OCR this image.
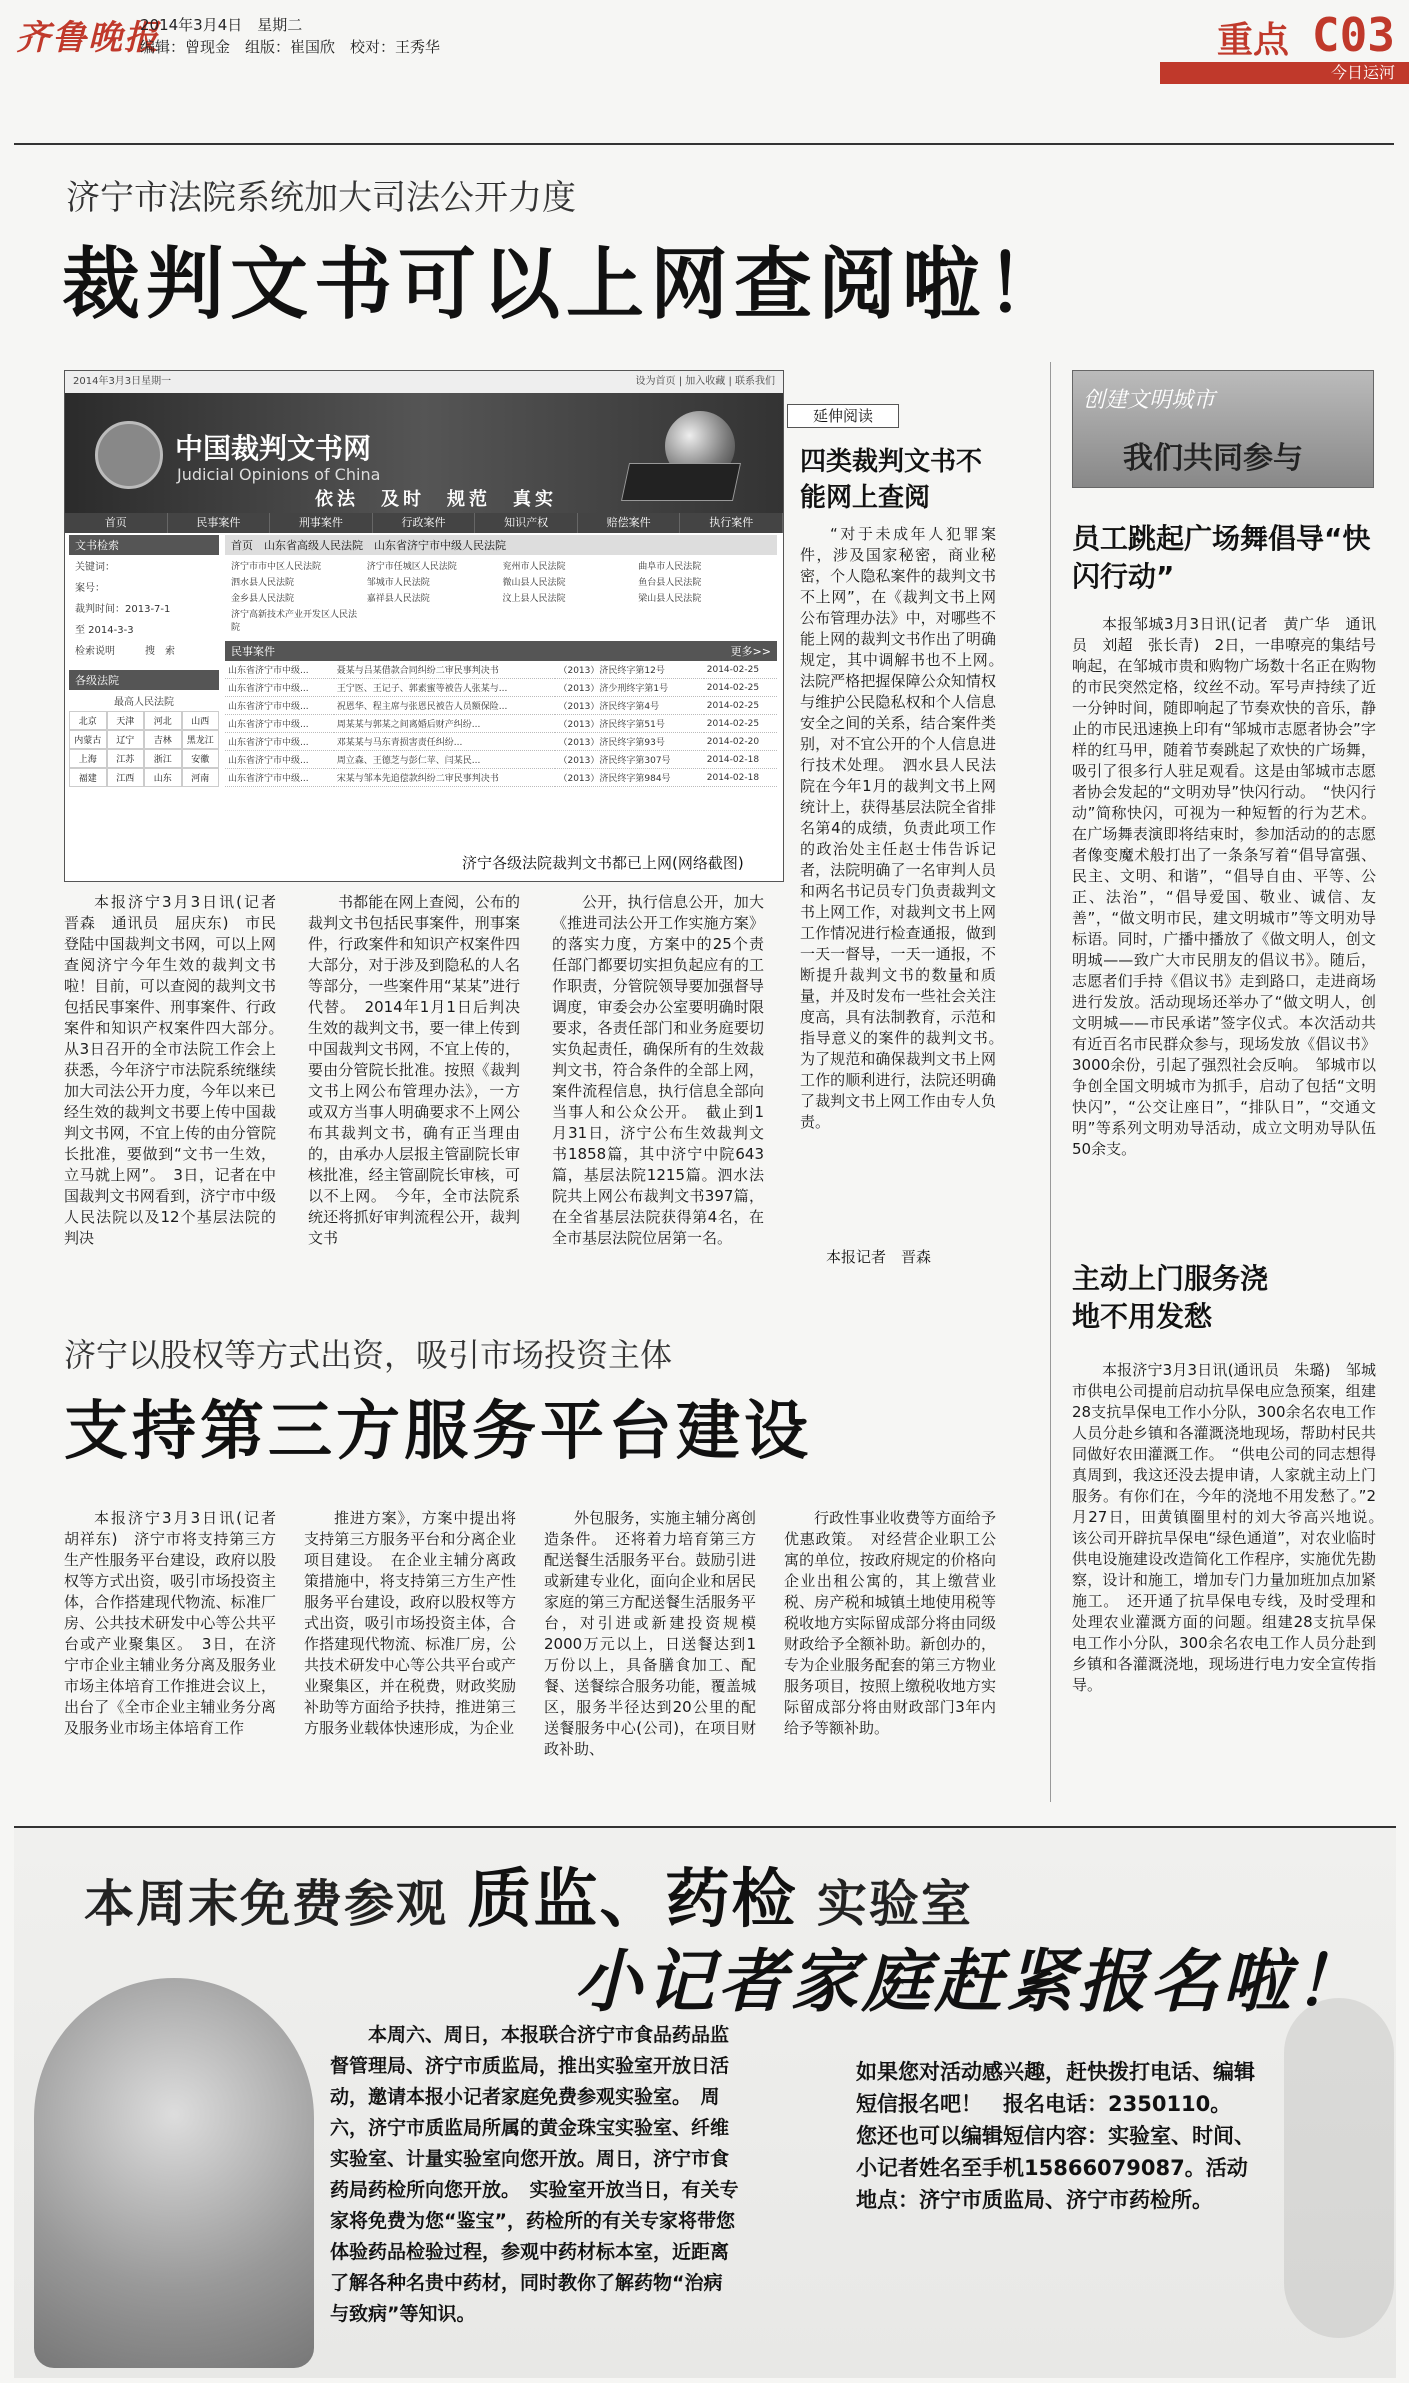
齐鲁晚报
2014年3月4日　星期二
编辑：曾现金　组版：崔国欣　校对：王秀华	重点 C03
今日运河
济宁市法院系统加大司法公开力度
裁判文书可以上网查阅啦！
2014年3月3日星期一	设为首页 | 加入收藏 | 联系我们
中国裁判文书网
Judicial Opinions of China
依法　及时　规范　真实
首页	民事案件	刑事案件	行政案件	知识产权	赔偿案件	执行案件
文书检索
关键词：
案号：
裁判时间：2013-7-1
至 2014-3-3
检索说明　　　搜　索
各级法院
最高人民法院
北京	天津	河北	山西
内蒙古	辽宁	吉林	黑龙江
上海	江苏	浙江	安徽
福建	江西	山东	河南
首页　山东省高级人民法院　山东省济宁市中级人民法院
济宁市市中区人民法院	济宁市任城区人民法院	兖州市人民法院	曲阜市人民法院
泗水县人民法院	邹城市人民法院	微山县人民法院	鱼台县人民法院
金乡县人民法院	嘉祥县人民法院	汶上县人民法院	梁山县人民法院
济宁高新技术产业开发区人民法院
民事案件	更多>>
山东省济宁市中级...	聂某与吕某借款合同纠纷二审民事判决书	（2013）济民终字第12号	2014-02-25
山东省济宁市中级...	王宁医、王记子、郭素蜜等被告人张某与...	（2013）济少刑终字第1号	2014-02-25
山东省济宁市中级...	祝恩华、程主席与张恩民被告人员额保险...	（2013）济民终字第4号	2014-02-25
山东省济宁市中级...	周某某与郭某之间离婚后财产纠纷...	（2013）济民终字第51号	2014-02-25
山东省济宁市中级...	邓某某与马东青损害责任纠纷...	（2013）济民终字第93号	2014-02-20
山东省济宁市中级...	周立森、王德芝与彭仁苹、闫某民...	（2013）济民终字第307号	2014-02-18
山东省济宁市中级...	宋某与邹本先追偿款纠纷二审民事判决书	（2013）济民终字第984号	2014-02-18
济宁各级法院裁判文书都已上网(网络截图)

本报济宁3月3日讯(记者　晋森　通讯员　屈庆东)　市民登陆中国裁判文书网，可以上网查阅济宁今年生效的裁判文书啦！目前，可以查阅的裁判文书包括民事案件、刑事案件、行政案件和知识产权案件四大部分。　从3日召开的全市法院工作会上获悉，今年济宁市法院系统继续加大司法公开力度，今年以来已经生效的裁判文书要上传中国裁判文书网，不宜上传的由分管院长批准，要做到“文书一生效，立马就上网”。　3日，记者在中国裁判文书网看到，济宁市中级人民法院以及12个基层法院的判决

书都能在网上查阅，公布的裁判文书包括民事案件，刑事案件，行政案件和知识产权案件四大部分，对于涉及到隐私的人名等部分，一些案件用“某某”进行代替。　2014年1月1日后判决生效的裁判文书，要一律上传到中国裁判文书网，不宜上传的，要由分管院长批准。按照《裁判文书上网公布管理办法》，一方或双方当事人明确要求不上网公布其裁判文书，确有正当理由的，由承办人层报主管副院长审核批准，经主管副院长审核，可以不上网。　今年，全市法院系统还将抓好审判流程公开，裁判文书

公开，执行信息公开，加大《推进司法公开工作实施方案》的落实力度，方案中的25个责任部门都要切实担负起应有的工作职责，分管院领导要加强督导调度，审委会办公室要明确时限要求，各责任部门和业务庭要切实负起责任，确保所有的生效裁判文书，符合条件的全部上网，案件流程信息，执行信息全部向当事人和公众公开。　截止到1月31日，济宁公布生效裁判文书1858篇，其中济宁中院643篇，基层法院1215篇。泗水法院共上网公布裁判文书397篇，在全省基层法院获得第4名，在全市基层法院位居第一名。

延伸阅读
四类裁判文书不能网上查阅

“对于未成年人犯罪案件，涉及国家秘密，商业秘密，个人隐私案件的裁判文书不上网”，在《裁判文书上网公布管理办法》中，对哪些不能上网的裁判文书作出了明确规定，其中调解书也不上网。　法院严格把握保障公众知情权与维护公民隐私权和个人信息安全之间的关系，结合案件类别，对不宜公开的个人信息进行技术处理。　泗水县人民法院在今年1月的裁判文书上网统计上，获得基层法院全省排名第4的成绩，负责此项工作的政治处主任赵士伟告诉记者，法院明确了一名审判人员和两名书记员专门负责裁判文书上网工作，对裁判文书上网工作情况进行检查通报，做到一天一督导，一天一通报，不断提升裁判文书的数量和质量，并及时发布一些社会关注度高，具有法制教育，示范和指导意义的案件的裁判文书。　为了规范和确保裁判文书上网工作的顺利进行，法院还明确了裁判文书上网工作由专人负责。

本报记者　晋森
创建文明城市
我们共同参与
员工跳起广场舞倡导“快闪行动”

本报邹城3月3日讯(记者　黄广华　通讯员　刘超　张长青)　2日，一串嘹亮的集结号响起，在邹城市贵和购物广场数十名正在购物的市民突然定格，纹丝不动。军号声持续了近一分钟时间，随即响起了节奏欢快的音乐，静止的市民迅速换上印有“邹城市志愿者协会”字样的红马甲，随着节奏跳起了欢快的广场舞，吸引了很多行人驻足观看。这是由邹城市志愿者协会发起的“文明劝导”快闪行动。　“快闪行动”简称快闪，可视为一种短暂的行为艺术。在广场舞表演即将结束时，参加活动的的志愿者像变魔术般打出了一条条写着“倡导富强、民主、文明、和谐”，“倡导自由、平等、公正、法治”，“倡导爱国、敬业、诚信、友善”，“做文明市民，建文明城市”等文明劝导标语。同时，广播中播放了《做文明人，创文明城——致广大市民朋友的倡议书》。随后，志愿者们手持《倡议书》走到路口，走进商场进行发放。活动现场还举办了“做文明人，创文明城——市民承诺”签字仪式。本次活动共有近百名市民群众参与，现场发放《倡议书》3000余份，引起了强烈社会反响。　邹城市以争创全国文明城市为抓手，启动了包括“文明快闪”，“公交让座日”，“排队日”，“交通文明”等系列文明劝导活动，成立文明劝导队伍50余支。

主动上门服务浇地不用发愁

本报济宁3月3日讯(通讯员　朱璐)　邹城市供电公司提前启动抗旱保电应急预案，组建28支抗旱保电工作小分队，300余名农电工作人员分赴乡镇和各灌溉浇地现场，帮助村民共同做好农田灌溉工作。　“供电公司的同志想得真周到，我这还没去提申请，人家就主动上门服务。有你们在，今年的浇地不用发愁了。”2月27日，田黄镇圈里村的刘大爷高兴地说。　该公司开辟抗旱保电“绿色通道”，对农业临时供电设施建设改造简化工作程序，实施优先勘察，设计和施工，增加专门力量加班加点加紧施工。　还开通了抗旱保电专线，及时受理和处理农业灌溉方面的问题。组建28支抗旱保电工作小分队，300余名农电工作人员分赴到乡镇和各灌溉浇地，现场进行电力安全宣传指导。

济宁以股权等方式出资，吸引市场投资主体
支持第三方服务平台建设

本报济宁3月3日讯(记者　胡祥东)　济宁市将支持第三方生产性服务平台建设，政府以股权等方式出资，吸引市场投资主体，合作搭建现代物流、标准厂房、公共技术研发中心等公共平台或产业聚集区。　3日，在济宁市企业主辅业务分离及服务业市场主体培育工作推进会议上，出台了《全市企业主辅业务分离及服务业市场主体培育工作

推进方案》，方案中提出将支持第三方服务平台和分离企业项目建设。　在企业主辅分离政策措施中，将支持第三方生产性服务平台建设，政府以股权等方式出资，吸引市场投资主体，合作搭建现代物流、标准厂房，公共技术研发中心等公共平台或产业聚集区，并在税费，财政奖励补助等方面给予扶持，推进第三方服务业载体快速形成，为企业

外包服务，实施主辅分离创造条件。　还将着力培育第三方配送餐生活服务平台。鼓励引进或新建专业化，面向企业和居民家庭的第三方配送餐生活服务平台，对引进或新建投资规模2000万元以上，日送餐达到1万份以上，具备膳食加工、配餐、送餐综合服务功能，覆盖城区，服务半径达到20公里的配送餐服务中心(公司)，在项目财政补助、

行政性事业收费等方面给予优惠政策。　对经营企业职工公寓的单位，按政府规定的价格向企业出租公寓的，其上缴营业税、房产税和城镇土地使用税等税收地方实际留成部分将由同级财政给予全额补助。新创办的，专为企业服务配套的第三方物业服务项目，按照上缴税收地方实际留成部分将由财政部门3年内给予等额补助。

本周末免费参观 质监、药检 实验室
小记者家庭赶紧报名啦！

本周六、周日，本报联合济宁市食品药品监督管理局、济宁市质监局，推出实验室开放日活动，邀请本报小记者家庭免费参观实验室。　周六，济宁市质监局所属的黄金珠宝实验室、纤维实验室、计量实验室向您开放。周日，济宁市食药局药检所向您开放。　实验室开放当日，有关专家将免费为您“鉴宝”，药检所的有关专家将带您体验药品检验过程，参观中药材标本室，近距离了解各种名贵中药材，同时教你了解药物“治病与致病”等知识。

如果您对活动感兴趣，赶快拨打电话、编辑短信报名吧！　报名电话：2350110。　您还也可以编辑短信内容：实验室、时间、小记者姓名至手机15866079087。活动地点：济宁市质监局、济宁市药检所。
